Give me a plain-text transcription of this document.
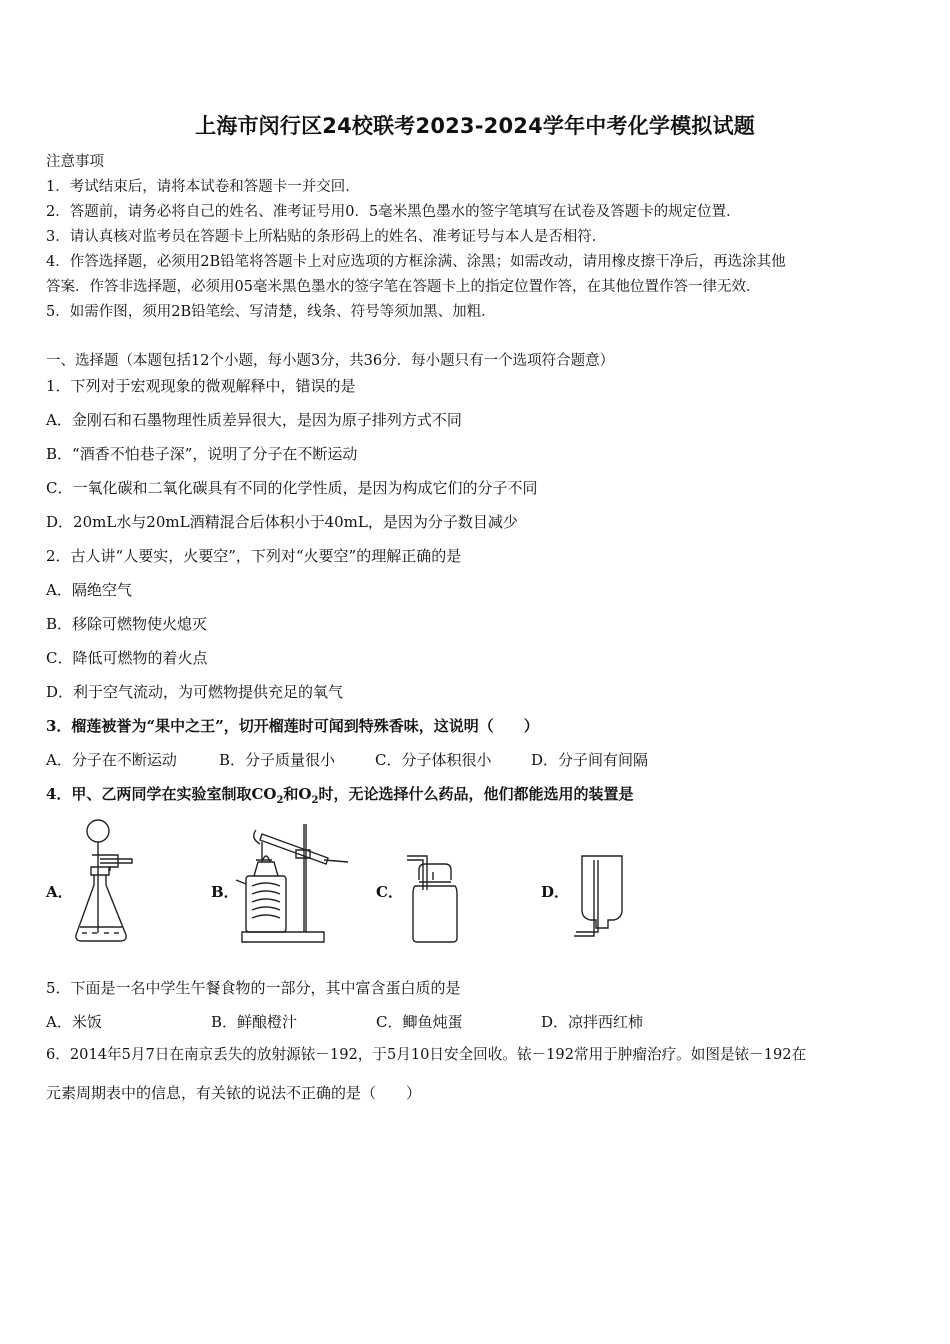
上海市闵行区24校联考2023-2024学年中考化学模拟试题
注意事项
1．考试结束后，请将本试卷和答题卡一并交回．
2．答题前，请务必将自己的姓名、准考证号用0．5毫米黑色墨水的签字笔填写在试卷及答题卡的规定位置．
3．请认真核对监考员在答题卡上所粘贴的条形码上的姓名、准考证号与本人是否相符．
4．作答选择题，必须用2B铅笔将答题卡上对应选项的方框涂满、涂黑；如需改动，请用橡皮擦干净后，再选涂其他
答案．作答非选择题，必须用05毫米黑色墨水的签字笔在答题卡上的指定位置作答，在其他位置作答一律无效．
5．如需作图，须用2B铅笔绘、写清楚，线条、符号等须加黑、加粗．
一、选择题（本题包括12个小题，每小题3分，共36分．每小题只有一个选项符合题意）
1．下列对于宏观现象的微观解释中，错误的是
A．金刚石和石墨物理性质差异很大，是因为原子排列方式不同
B．“酒香不怕巷子深”，说明了分子在不断运动
C．一氧化碳和二氧化碳具有不同的化学性质，是因为构成它们的分子不同
D．20mL水与20mL酒精混合后体积小于40mL，是因为分子数目减少
2．古人讲“人要实，火要空”，下列对“火要空”的理解正确的是
A．隔绝空气
B．移除可燃物使火熄灭
C．降低可燃物的着火点
D．利于空气流动，为可燃物提供充足的氧气
3．榴莲被誉为“果中之王”，切开榴莲时可闻到特殊香味，这说明（　　）
A．分子在不断运动	B．分子质量很小	C．分子体积很小	D．分子间有间隔
4．甲、乙两同学在实验室制取$CO_2$和$O_2$时，无论选择什么药品，他们都能选用的装置是
A．	B．	C．	D．
5．下面是一名中学生午餐食物的一部分，其中富含蛋白质的是
A．米饭	B．鲜酿橙汁	C．鲫鱼炖蛋	D．凉拌西红柿
6．2014年5月7日在南京丢失的放射源铱－192，于5月10日安全回收。铱－192常用于肿瘤治疗。如图是铱－192在
元素周期表中的信息，有关铱的说法不正确的是（　　）
